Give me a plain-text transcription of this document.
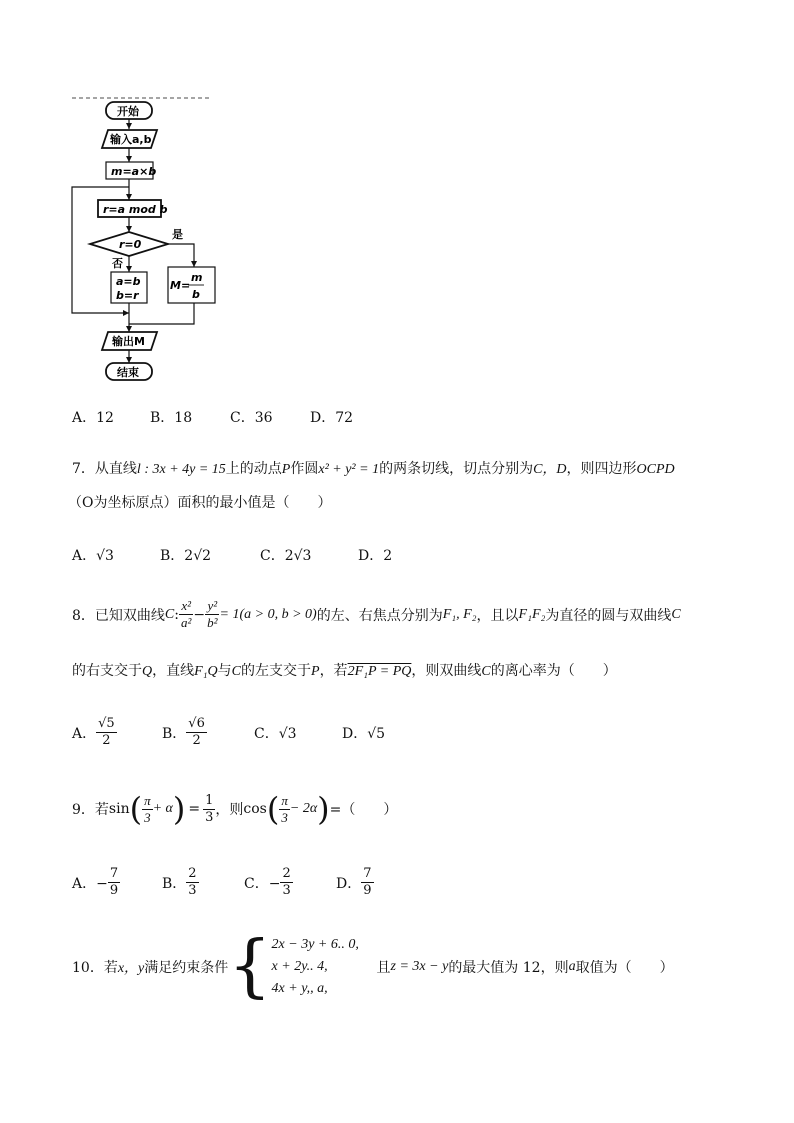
开始
输入a,b
m=a×b
r=a mod b
r=0
是
否
a=b
b=r
M=
m
b
输出M
结束
A．12	B．18	C．36	D．72
7．从直线l : 3x + 4y = 15上的动点P作圆x² + y² = 1的两条切线，切点分别为C，D，则四边形OCPD
（O为坐标原点）面积的最小值是（　　）
A．√3	B．2√2	C．2√3	D．2
8．已知双曲线 C : $\frac{\text{x²}}{\text{a²}} - \frac{\text{y²}}{\text{b²}} = 1(a > 0$, b > 0) 的左、右焦点分别为 F₁, F₂ ，且以 F₁F₂ 为直径的圆与双曲线 C
的右支交于Q，直线F₁Q与C的左支交于P，若2F₁P = PQ，则双曲线C的离心率为（　　）
A． $\frac{√5}{2}$	B． $\frac{√6}{2}$	C．√3	D．√5
9．若 sin ( $\frac{\pi}{3} + \alpha$ ) = $\frac{1}{3}$ ，则 cos ( $\frac{\pi}{3} - 2\alpha$ ) =（　　）
A．− $\frac{7}{9}$	B． $\frac{2}{3}$	C．− $\frac{2}{3}$	D． $\frac{7}{9}$
10．若 x，y 满足约束条件 { 2x − 3y + 6.. 0,
x + 2y.. 4,
4x + y,, a,
且 z = 3x − y 的最大值为 12，则 a 取值为（　　）
